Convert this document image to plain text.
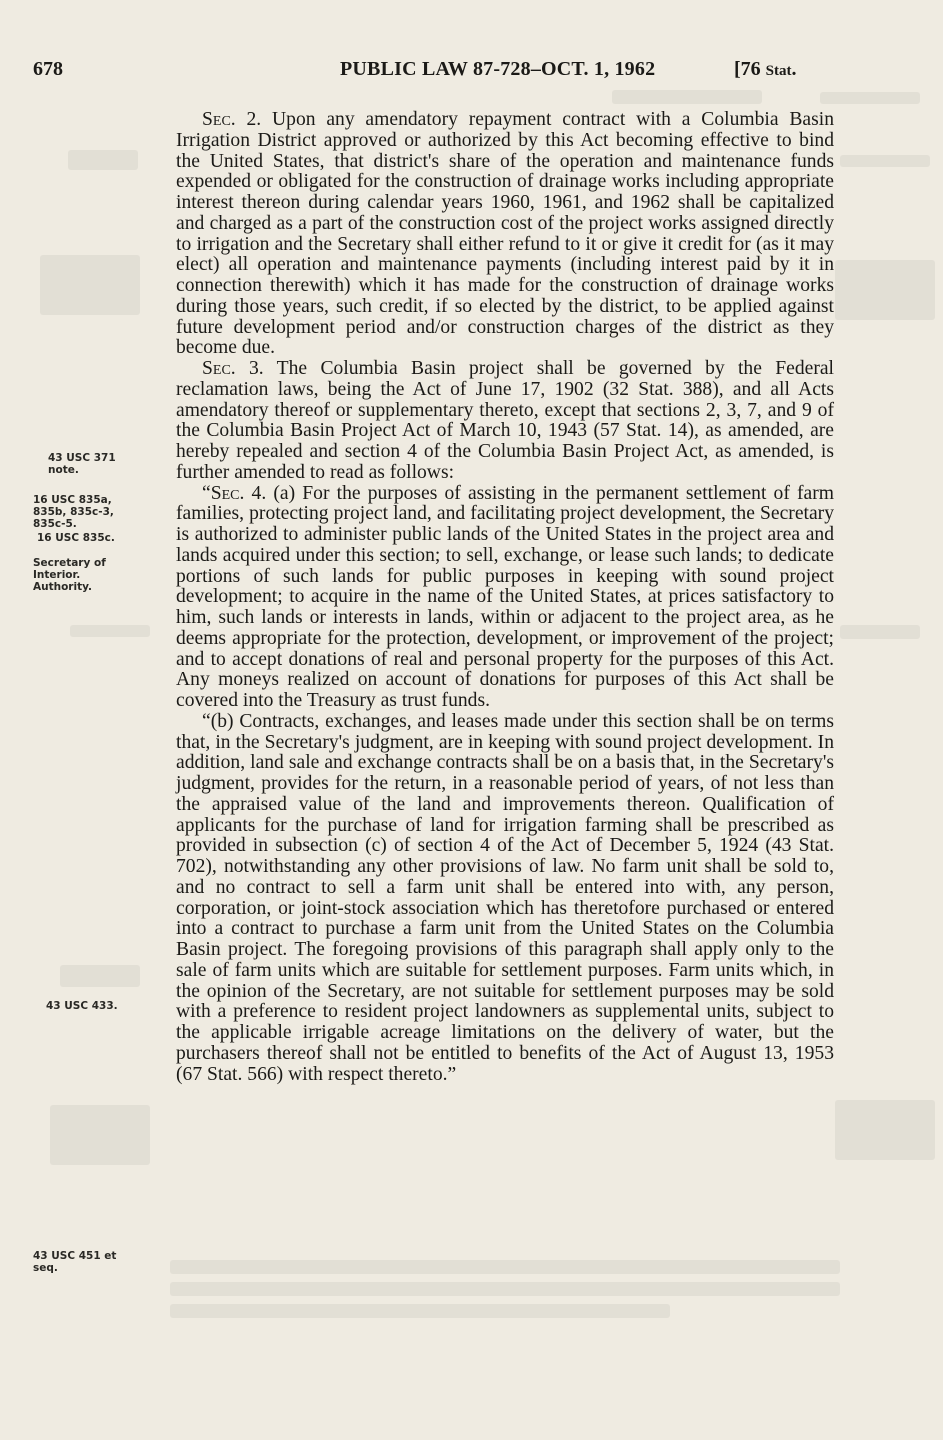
678	PUBLIC LAW 87-728–OCT. 1, 1962	[76 Stat.
43 USC 371
note.
16 USC 835a,
835b, 835c-3,
835c-5.
16 USC 835c.
Secretary of
Interior.
Authority.
43 USC 433.
43 USC 451 et
seq.

Sec. 2. Upon any amendatory repayment contract with a Columbia Basin Irrigation District approved or authorized by this Act becoming effective to bind the United States, that district's share of the operation and maintenance funds expended or obligated for the construction of drainage works including appropriate interest thereon during calendar years 1960, 1961, and 1962 shall be capitalized and charged as a part of the construction cost of the project works assigned directly to irrigation and the Secretary shall either refund to it or give it credit for (as it may elect) all operation and maintenance payments (including interest paid by it in connection therewith) which it has made for the construction of drainage works during those years, such credit, if so elected by the district, to be applied against future development period and/or construction charges of the district as they become due.

Sec. 3. The Columbia Basin project shall be governed by the Federal reclamation laws, being the Act of June 17, 1902 (32 Stat. 388), and all Acts amendatory thereof or supplementary thereto, except that sections 2, 3, 7, and 9 of the Columbia Basin Project Act of March 10, 1943 (57 Stat. 14), as amended, are hereby repealed and section 4 of the Columbia Basin Project Act, as amended, is further amended to read as follows:

“Sec. 4. (a) For the purposes of assisting in the permanent settlement of farm families, protecting project land, and facilitating project development, the Secretary is authorized to administer public lands of the United States in the project area and lands acquired under this section; to sell, exchange, or lease such lands; to dedicate portions of such lands for public purposes in keeping with sound project development; to acquire in the name of the United States, at prices satisfactory to him, such lands or interests in lands, within or adjacent to the project area, as he deems appropriate for the protection, development, or improvement of the project; and to accept donations of real and personal property for the purposes of this Act. Any moneys realized on account of donations for purposes of this Act shall be covered into the Treasury as trust funds.

“(b) Contracts, exchanges, and leases made under this section shall be on terms that, in the Secretary's judgment, are in keeping with sound project development. In addition, land sale and exchange contracts shall be on a basis that, in the Secretary's judgment, provides for the return, in a reasonable period of years, of not less than the appraised value of the land and improvements thereon. Qualification of applicants for the purchase of land for irrigation farming shall be prescribed as provided in subsection (c) of section 4 of the Act of December 5, 1924 (43 Stat. 702), notwithstanding any other provisions of law. No farm unit shall be sold to, and no contract to sell a farm unit shall be entered into with, any person, corporation, or joint-stock association which has theretofore purchased or entered into a contract to purchase a farm unit from the United States on the Columbia Basin project. The foregoing provisions of this paragraph shall apply only to the sale of farm units which are suitable for settlement purposes. Farm units which, in the opinion of the Secretary, are not suitable for settlement purposes may be sold with a preference to resident project landowners as supplemental units, subject to the applicable irrigable acreage limitations on the delivery of water, but the purchasers thereof shall not be entitled to benefits of the Act of August 13, 1953 (67 Stat. 566) with respect thereto.”
